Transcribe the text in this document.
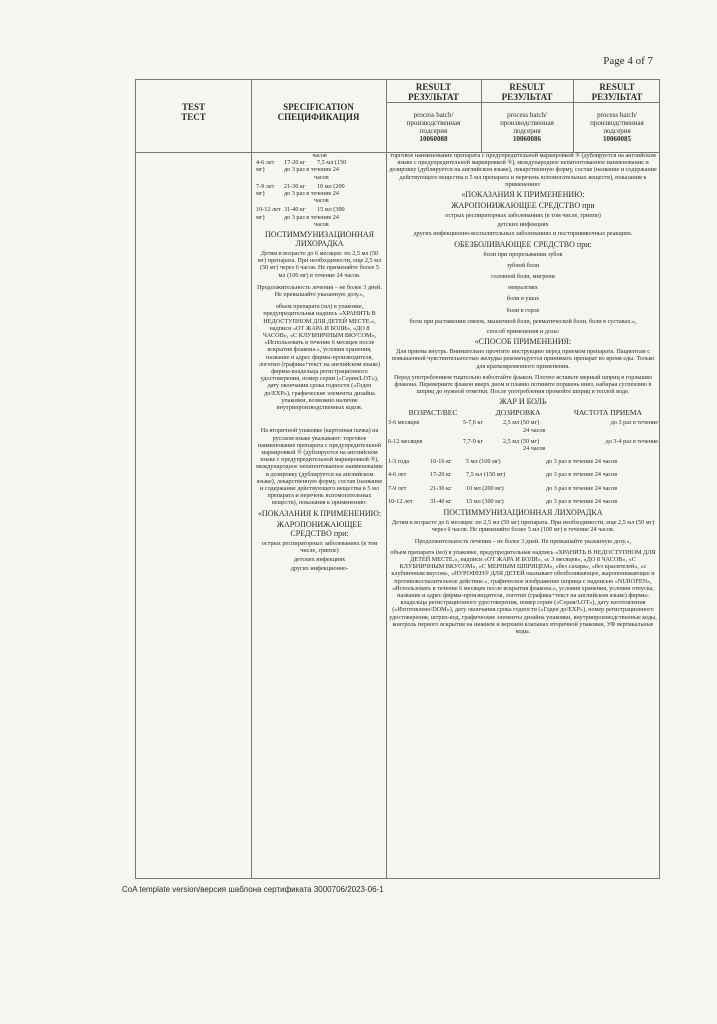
Page 4 of 7
TEST
ТЕСТ
SPECIFICATION
СПЕЦИФИКАЦИЯ
RESULT
РЕЗУЛЬТАТ
RESULT
РЕЗУЛЬТАТ
RESULT
РЕЗУЛЬТАТ
process batch/
производственная
подсерия
10060088
process batch/
производственная
подсерия
10060086
process batch/
производственная
подсерия
10060085
часов
4-6 лет	17-20 кг	7,5 мл (150
мг)	до 3 раз в течение 24
часов
7-9 лет	21-30 кг	10 мл (200
мг)	до 3 раз в течение 24
часов
10-12 лет 31-40 кг	15 мл (300
мг)	до 3 раз в течение 24
часов
ПОСТИММУНИЗАЦИОННАЯ ЛИХОРАДКА
Детям в возрасте до 6 месяцев: по 2,5 мл (50 мг) препарата. При необходимости, еще 2,5 мл (50 мг) через 6 часов. Не применяйте более 5 мл (100 мг) в течение 24 часов.
Продолжительность лечения – не более 3 дней. Не превышайте указанную дозу.»,
объем препарата (мл) в упаковке, предупредительная надпись «ХРАНИТЬ В НЕДОСТУПНОМ ДЛЯ ДЕТЕЙ МЕСТЕ.», надписи «ОТ ЖАРА И БОЛИ», «ДО 8 ЧАСОВ», «С КЛУБНИЧНЫМ ВКУСОМ», «Использовать в течение 6 месяцев после вскрытия флакона.», условия хранения, название и адрес фирмы-производителя, логотип (графика+текст на английском языке) фирмы-владельца регистрационного удостоверения, номер серии («Серия/LOT»), дату окончания срока годности («Годен до/EXP»), графические элементы дизайна упаковки, возможно наличие внутрипроизводственных кодов.
На вторичной упаковке (картонная пачка) на русском языке указывают: торговое наименование препарата с предупредительной маркировкой ® (дублируется на английском языке с предупредительной маркировкой ®), международное непатентованное наименование и дозировку (дублируется на английском языке), лекарственную форму, состав (название и содержание действующего вещества в 5 мл препарата и перечень вспомогательных веществ), показания к применению:
«ПОКАЗАНИЯ К ПРИМЕНЕНИЮ:
ЖАРОПОНИЖАЮЩЕЕ СРЕДСТВО при:
острых респираторных заболеваниях (в том числе, гриппе)
детских инфекциях
других инфекционно-
торговое наименование препарата с предупредительной маркировкой ® (дублируется на английском языке с предупредительной маркировкой ®), международное непатентованное наименование и дозировку (дублируется на английском языке), лекарственную форму, состав (название и содержание действующего вещества в 5 мл препарата и перечень вспомогательных веществ), показания к применению:
«ПОКАЗАНИЯ К ПРИМЕНЕНИЮ:
ЖАРОПОНИЖАЮЩЕЕ СРЕДСТВО при
острых респираторных заболеваниях (в том числе, гриппе)
детских инфекциях
других инфекционно-воспалительных заболеваниях и постпрививочных реакциях.
ОБЕЗБОЛИВАЮЩЕЕ СРЕДСТВО при:
боли при прорезывании зубов
зубной боли
головной боли, мигрени
невралгиях
боли в ушах
боли в горле
боли при растяжении связок, мышечной боли, ревматической боли, боли в суставах.»,
способ применения и дозы:
«СПОСОБ ПРИМЕНЕНИЯ:
Для приема внутрь. Внимательно прочтите инструкцию перед приемом препарата. Пациентам с повышенной чувствительностью желудка рекомендуется принимать препарат во время еды. Только для кратковременного применения.
Перед употреблением тщательно взболтайте флакон. Плотно вставьте мерный шприц в горлышко флакона. Переверните флакон вверх дном и плавно потяните поршень вниз, набирая суспензию в шприц до нужной отметки. После употребления промойте шприц в теплой воде.
ЖАР И БОЛЬ
ВОЗРАСТ/ВЕС	ДОЗИРОВКА	ЧАСТОТА ПРИЕМА
3-6 месяцев	5-7,6 кг	2,5 мл (50 мг)	до 3 раз в течение
24 часов
6-12 месяцев	7,7-9 кг	2,5 мл (50 мг)	до 3-4 раз в течение
24 часов
1-3 года	10-16 кг	5 мл (100 мг)	до 3 раз в течение 24 часов
4-6 лет	17-20 кг	7,5 мл (150 мг)	до 3 раз в течение 24 часов
7-9 лет	21-30 кг	10 мл (200 мг)	до 3 раз в течение 24 часов
10-12 лет	31-40 кг	15 мл (300 мг)	до 3 раз в течение 24 часов
ПОСТИММУНИЗАЦИОННАЯ ЛИХОРАДКА
Детям в возрасте до 6 месяцев: по 2,5 мл (50 мг) препарата. При необходимости, еще 2,5 мл (50 мг) через 6 часов. Не применяйте более 5 мл (100 мг) в течение 24 часов.
Продолжительность лечения – не более 3 дней. Не превышайте указанную дозу.»,
объем препарата (мл) в упаковке, предупредительная надпись «ХРАНИТЬ В НЕДОСТУПНОМ ДЛЯ ДЕТЕЙ МЕСТЕ.», надписи «ОТ ЖАРА И БОЛИ», «с 3 месяцев», «ДО 8 ЧАСОВ», «С КЛУБНИЧНЫМ ВКУСОМ», «С МЕРНЫМ ШПРИЦЕМ», «без сахара», «без красителей», «с клубничным вкусом», «НУРОФЕН® ДЛЯ ДЕТЕЙ оказывает обезболивающее, жаропонижающее и противовоспалительное действие.», графическое изображение шприца с надписью «NUROFEN», «Использовать в течение 6 месяцев после вскрытия флакона.», условия хранения, условия отпуска, название и адрес фирмы-производителя, логотип (графика+текст на английском языке) фирмы-владельца регистрационного удостоверения, номер серии («Серия/LOT»), дату изготовления («Изготовлено/DOM»), дату окончания срока годности («Годен до/EXP»), номер регистрационного удостоверения, штрих-код, графические элементы дизайна упаковки, внутрипроизводственные коды, контроль первого вскрытия на нижнем и верхнем клапанах вторичной упаковки, УФ вертикальные коды.
CoA template version/версия шаблона сертификата 3000706/2023-06-1
